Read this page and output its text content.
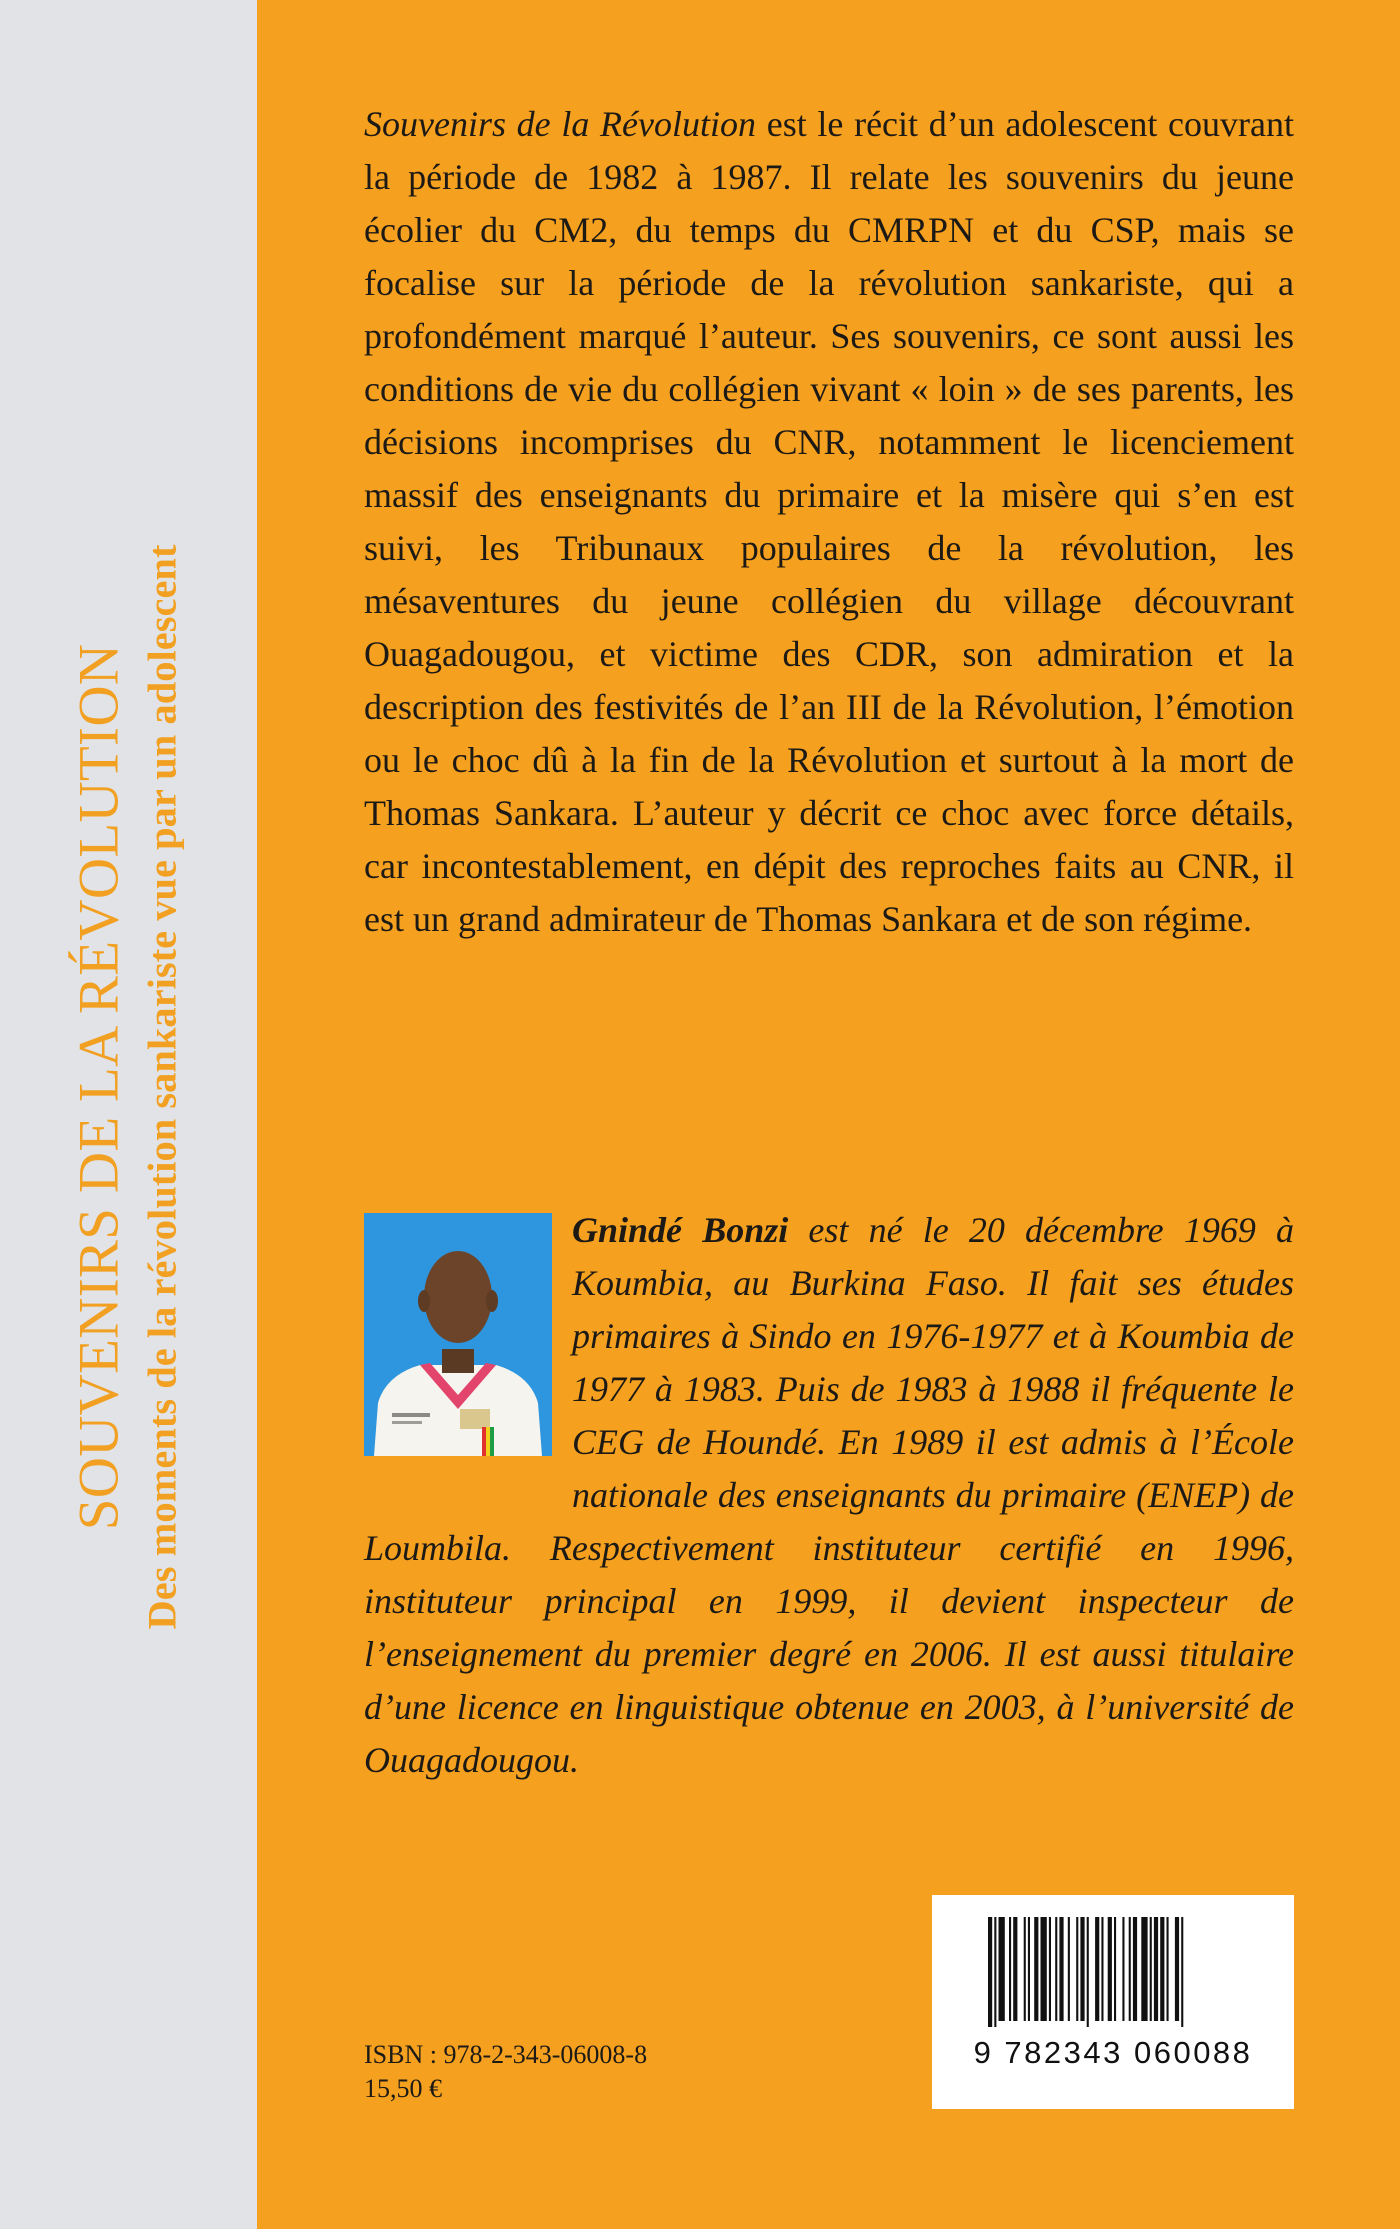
SOUVENIRS DE LA RÉVOLUTION Des moments de la révolution sankariste vue par un adolescent

Souvenirs de la Révolution est le récit d’un adolescent couvrant la période de 1982 à 1987. Il relate les souvenirs du jeune écolier du CM2, du temps du CMRPN et du CSP, mais se focalise sur la période de la révolution sankariste, qui a profondément marqué l’auteur. Ses souvenirs, ce sont aussi les conditions de vie du collégien vivant « loin » de ses parents, les décisions incomprises du CNR, notamment le licenciement massif des enseignants du primaire et la misère qui s’en est suivi, les Tribunaux populaires de la révolution, les mésaventures du jeune collégien du village découvrant Ouagadougou, et victime des CDR, son admiration et la description des festivités de l’an III de la Révolution, l’émotion ou le choc dû à la fin de la Révolution et surtout à la mort de Thomas Sankara. L’auteur y décrit ce choc avec force détails, car incontestablement, en dépit des reproches faits au CNR, il est un grand admirateur de Thomas Sankara et de son régime.

Gnindé Bonzi est né le 20 décembre 1969 à Koumbia, au Burkina Faso. Il fait ses études primaires à Sindo en 1976-1977 et à Koumbia de 1977 à 1983. Puis de 1983 à 1988 il fréquente le CEG de Houndé. En 1989 il est admis à l’École nationale des enseignants du primaire (ENEP) de Loumbila. Respectivement instituteur certifié en 1996, instituteur principal en 1999, il devient inspecteur de l’enseignement du premier degré en 2006. Il est aussi titulaire d’une licence en linguistique obtenue en 2003, à l’université de Ouagadougou.

ISBN : 978-2-343-06008-8
15,50 €
9 782343 060088
